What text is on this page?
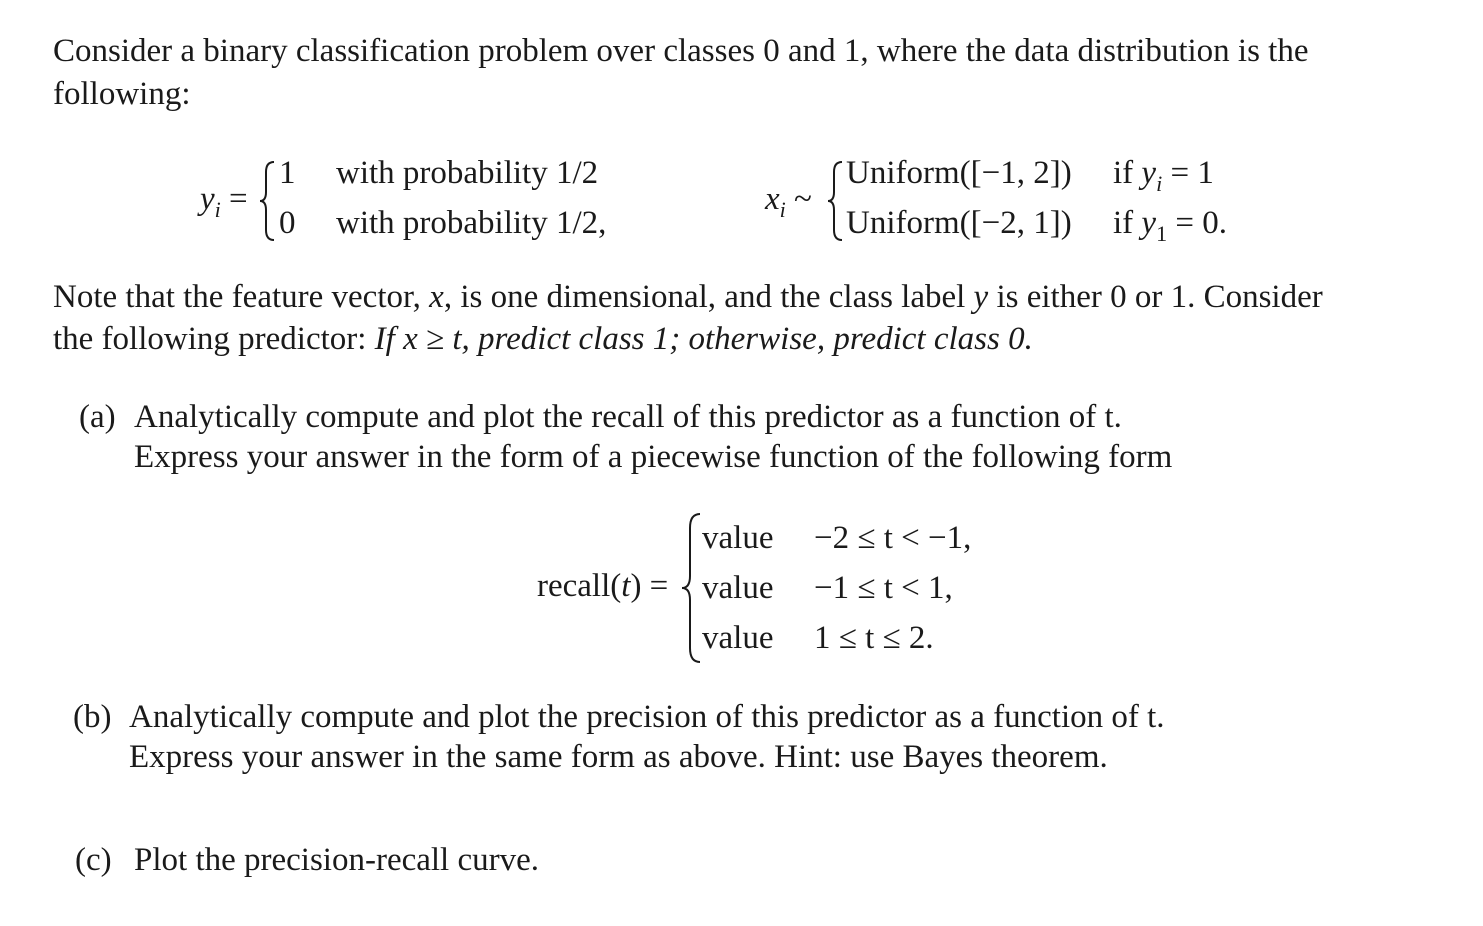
Consider a binary classification problem over classes 0 and 1, where the data distribution is the
following:
$y_i$ =
1 with probability 1/2
0 with probability 1/2,
$x_i$ ~
Uniform([−1, 2]) if $y_i = 1$
Uniform([−2, 1]) if $y_1 = 0$.
Note that the feature vector, x, is one dimensional, and the class label y is either 0 or 1. Consider
the following predictor: If x ≥ t, predict class 1; otherwise, predict class 0.
(a) Analytically compute and plot the recall of this predictor as a function of t.
Express your answer in the form of a piecewise function of the following form
recall(t) =
value −2 ≤ t < −1,
value −1 ≤ t < 1,
value 1 ≤ t ≤ 2.
(b) Analytically compute and plot the precision of this predictor as a function of t.
Express your answer in the same form as above. Hint: use Bayes theorem.
(c) Plot the precision-recall curve.
